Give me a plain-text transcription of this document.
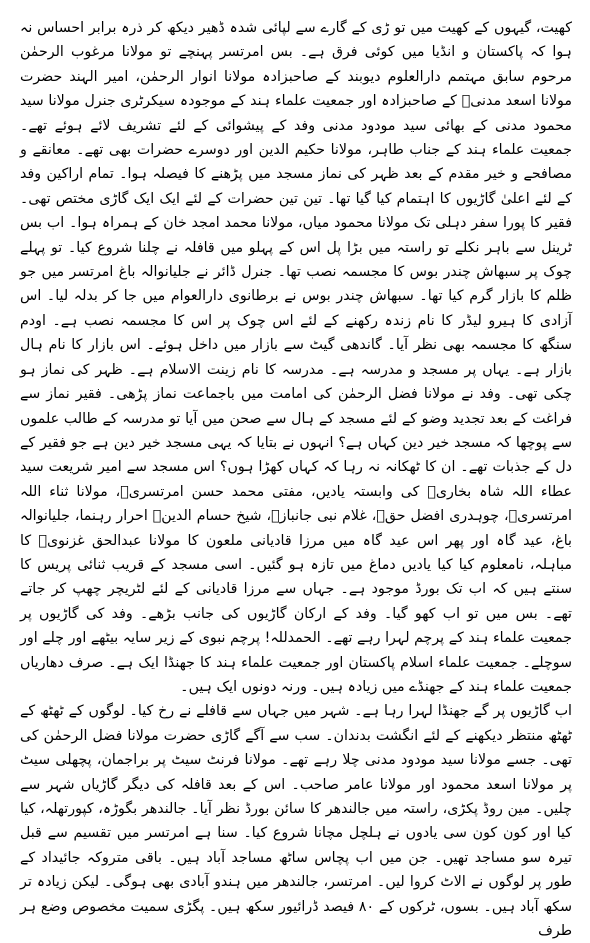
کھیت، گیہوں کے کھیت میں تو ڑی کے گارے سے لپائی شدہ ڈھیر دیکھ کر ذرہ برابر احساس نہ ہوا کہ پاکستان و انڈیا میں کوئی فرق ہے۔ بس امرتسر پہنچے تو مولانا مرغوب الرحمٰن مرحوم سابق مہتمم دارالعلوم دیوبند کے صاحبزادہ مولانا انوار الرحمٰن، امیر الہند حضرت مولانا اسعد مدنیؒ کے صاحبزادہ اور جمعیت علماء ہند کے موجودہ سیکرٹری جنرل مولانا سید محمود مدنی کے بھائی سید مودود مدنی وفد کے پیشوائی کے لئے تشریف لائے ہوئے تھے۔ جمعیت علماء ہند کے جناب طاہر، مولانا حکیم الدین اور دوسرے حضرات بھی تھے۔ معانقے و مصافحے و خیر مقدم کے بعد ظہر کی نماز مسجد میں پڑھنے کا فیصلہ ہوا۔ تمام اراکین وفد کے لئے اعلیٰ گاڑیوں کا اہتمام کیا گیا تھا۔ تین تین حضرات کے لئے ایک ایک گاڑی مختص تھی۔ فقیر کا پورا سفر دہلی تک مولانا محمود میاں، مولانا محمد امجد خان کے ہمراہ ہوا۔ اب بس ٹرینل سے باہر نکلے تو راستہ میں بڑا پل اس کے پہلو میں قافلہ نے چلنا شروع کیا۔ تو پہلے چوک پر سبھاش چندر بوس کا مجسمہ نصب تھا۔ جنرل ڈائر نے جلیانوالہ باغ امرتسر میں جو ظلم کا بازار گرم کیا تھا۔ سبھاش چندر بوس نے برطانوی دارالعوام میں جا کر بدلہ لیا۔ اس آزادی کا ہیرو لیڈر کا نام زندہ رکھنے کے لئے اس چوک پر اس کا مجسمہ نصب ہے۔ اودم سنگھ کا مجسمہ بھی نظر آیا۔ گاندھی گیٹ سے بازار میں داخل ہوئے۔ اس بازار کا نام ہال بازار ہے۔ یہاں پر مسجد و مدرسہ ہے۔ مدرسہ کا نام زینت الاسلام ہے۔ ظہر کی نماز ہو چکی تھی۔ وفد نے مولانا فضل الرحمٰن کی امامت میں باجماعت نماز پڑھی۔ فقیر نماز سے فراغت کے بعد تجدید وضو کے لئے مسجد کے ہال سے صحن میں آیا تو مدرسہ کے طالب علموں سے پوچھا کہ مسجد خیر دین کہاں ہے؟ انہوں نے بتایا کہ یہی مسجد خیر دین ہے جو فقیر کے دل کے جذبات تھے۔ ان کا ٹھکانہ نہ رہا کہ کہاں کھڑا ہوں؟ اس مسجد سے امیر شریعت سید عطاء اللہ شاہ بخاریؒ کی وابستہ یادیں، مفتی محمد حسن امرتسریؒ، مولانا ثناء اللہ امرتسریؒ، چوہدری افضل حقؒ، غلام نبی جانبازؒ، شیخ حسام الدینؒ احرار رہنما، جلیانوالہ باغ، عید گاہ اور پھر اس عید گاہ میں مرزا قادیانی ملعون کا مولانا عبدالحق غزنویؒ کا مباہلہ، نامعلوم کیا کیا یادیں دماغ میں تازہ ہو گئیں۔ اسی مسجد کے قریب ثنائی پریس کا سنتے ہیں کہ اب تک بورڈ موجود ہے۔ جہاں سے مرزا قادیانی کے لئے لٹریچر چھپ کر جاتے تھے۔ بس میں تو اب کھو گیا۔ وفد کے ارکان گاڑیوں کی جانب بڑھے۔ وفد کی گاڑیوں پر جمعیت علماء ہند کے پرچم لہرا رہے تھے۔ الحمدللہ! پرچم نبوی کے زیر سایہ بیٹھے اور چلے اور سوچلے۔ جمعیت علماء اسلام پاکستان اور جمعیت علماء ہند کا جھنڈا ایک ہے۔ صرف دھاریاں جمعیت علماء ہند کے جھنڈے میں زیادہ ہیں۔ ورنہ دونوں ایک ہیں۔

اب گاڑیوں پر گے جھنڈا لہرا رہا ہے۔ شہر میں جہاں سے قافلے نے رخ کیا۔ لوگوں کے ٹھٹھ کے ٹھٹھ منتظر دیکھنے کے لئے انگشت بدندان۔ سب سے آگے گاڑی حضرت مولانا فضل الرحمٰن کی تھی۔ جسے مولانا سید مودود مدنی چلا رہے تھے۔ مولانا فرنٹ سیٹ پر براجمان، پچھلی سیٹ پر مولانا اسعد محمود اور مولانا عامر صاحب۔ اس کے بعد قافلہ کی دیگر گاڑیاں شہر سے چلیں۔ مین روڈ پکڑی، راستہ میں جالندھر کا سائن بورڈ نظر آیا۔ جالندھر بگوڑہ، کپورتھلہ، کیا کیا اور کون کون سی یادوں نے ہلچل مچانا شروع کیا۔ سنا ہے امرتسر میں تقسیم سے قبل تیرہ سو مساجد تھیں۔ جن میں اب پچاس ساٹھ مساجد آباد ہیں۔ باقی متروکہ جائیداد کے طور پر لوگوں نے الاٹ کروا لیں۔ امرتسر، جالندھر میں ہندو آبادی بھی ہوگی۔ لیکن زیادہ تر سکھ آباد ہیں۔ بسوں، ٹرکوں کے ۸۰ فیصد ڈرائیور سکھ ہیں۔ پگڑی سمیت مخصوص وضع ہر طرف
